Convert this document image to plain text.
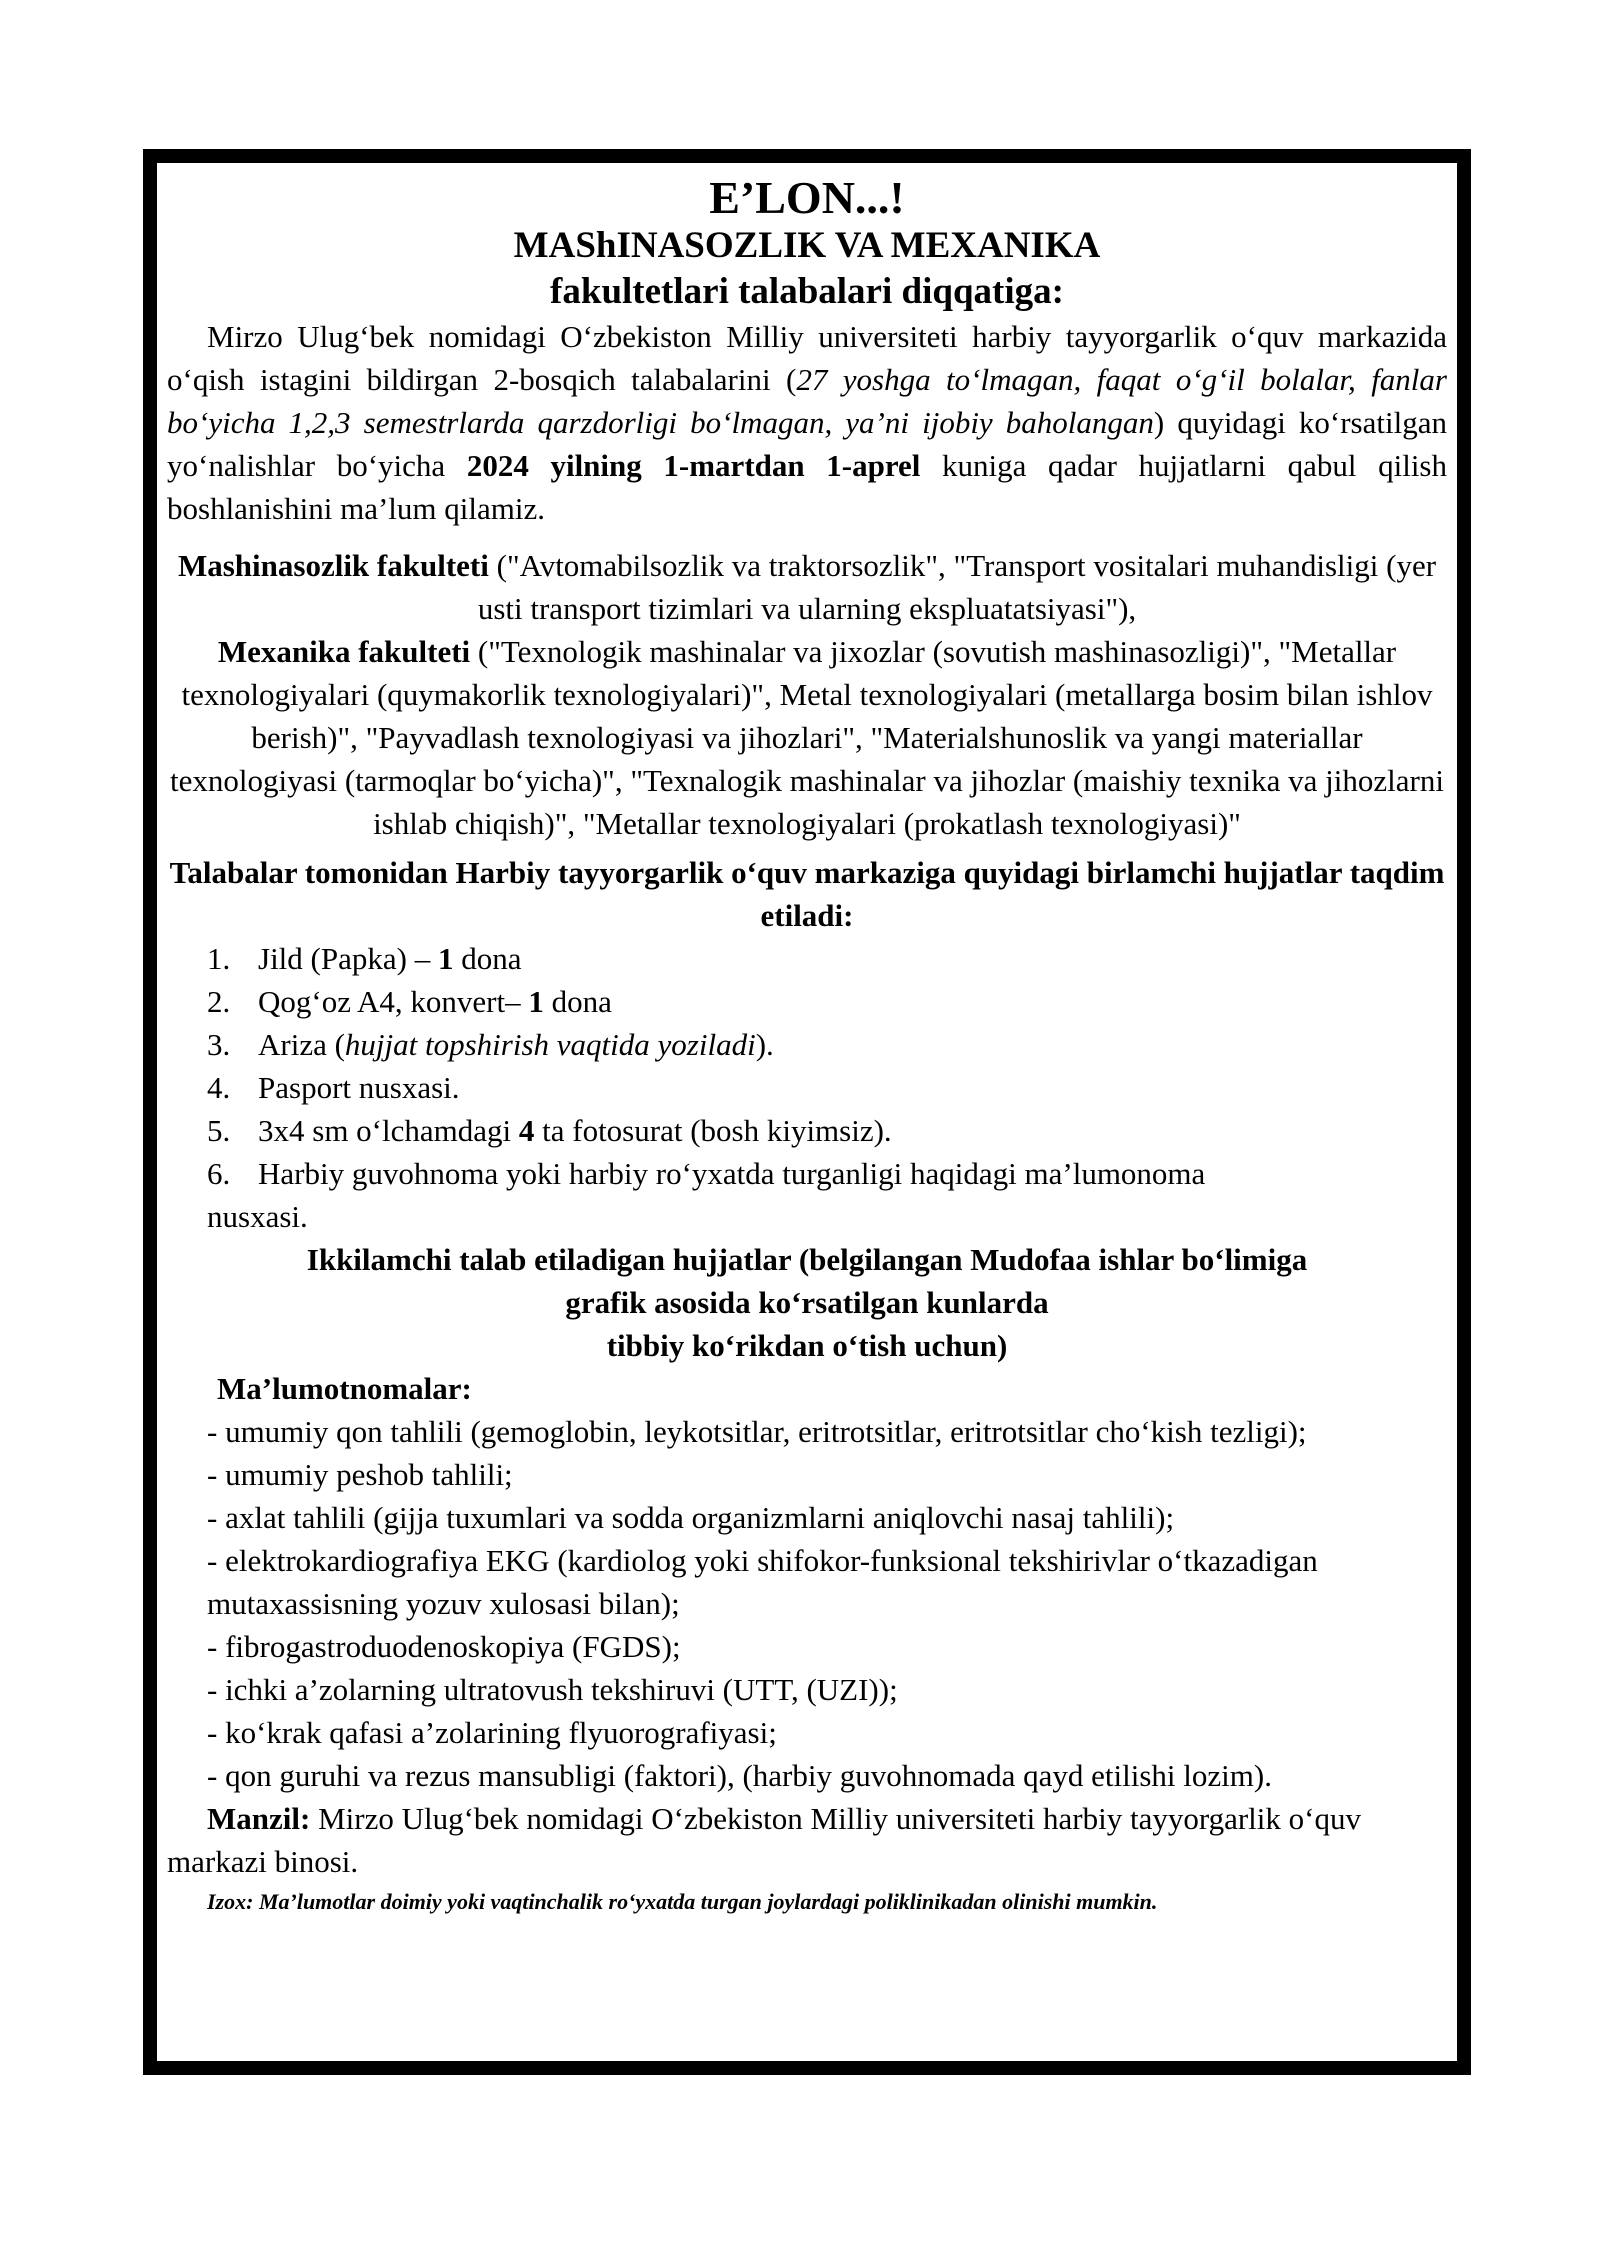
E’LON...!
MAShINASOZLIK VA MEXANIKA
fakultetlari talabalari diqqatiga:

Mirzo Ulug‘bek nomidagi O‘zbekiston Milliy universiteti harbiy tayyorgarlik o‘quv markazida o‘qish istagini bildirgan 2-bosqich talabalarini (27 yoshga to‘lmagan, faqat o‘g‘il bolalar, fanlar bo‘yicha 1,2,3 semestrlarda qarzdorligi bo‘lmagan, ya’ni ijobiy baholangan) quyidagi ko‘rsatilgan yo‘nalishlar bo‘yicha 2024 yilning 1-martdan 1-aprel kuniga qadar hujjatlarni qabul qilish boshlanishini ma’lum qilamiz.

Mashinasozlik fakulteti ("Avtomabilsozlik va traktorsozlik", "Transport vositalari muhandisligi (yer usti transport tizimlari va ularning ekspluatatsiyasi"),
Mexanika fakulteti ("Texnologik mashinalar va jixozlar (sovutish mashinasozligi)", "Metallar texnologiyalari (quymakorlik texnologiyalari)", Metal texnologiyalari (metallarga bosim bilan ishlov berish)", "Payvadlash texnologiyasi va jihozlari", "Materialshunoslik va yangi materiallar texnologiyasi (tarmoqlar bo‘yicha)", "Texnalogik mashinalar va jihozlar (maishiy texnika va jihozlarni ishlab chiqish)", "Metallar texnologiyalari (prokatlash texnologiyasi)"

Talabalar tomonidan Harbiy tayyorgarlik o‘quv markaziga quyidagi birlamchi hujjatlar taqdim etiladi:
1. Jild (Papka) – 1 dona
2. Qog‘oz A4, konvert– 1 dona
3. Ariza (hujjat topshirish vaqtida yoziladi).
4. Pasport nusxasi.
5. 3x4 sm o‘lchamdagi 4 ta fotosurat (bosh kiyimsiz).
6. Harbiy guvohnoma yoki harbiy ro‘yxatda turganligi haqidagi ma’lumonoma
nusxasi.
Ikkilamchi talab etiladigan hujjatlar (belgilangan Mudofaa ishlar bo‘limiga
grafik asosida ko‘rsatilgan kunlarda
tibbiy ko‘rikdan o‘tish uchun)
Ma’lumotnomalar:
- umumiy qon tahlili (gemoglobin, leykotsitlar, eritrotsitlar, eritrotsitlar cho‘kish tezligi);
- umumiy peshob tahlili;
- axlat tahlili (gijja tuxumlari va sodda organizmlarni aniqlovchi nasaj tahlili);
- elektrokardiografiya EKG (kardiolog yoki shifokor-funksional tekshirivlar o‘tkazadigan mutaxassisning yozuv xulosasi bilan);
- fibrogastroduodenoskopiya (FGDS);
- ichki a’zolarning ultratovush tekshiruvi (UTT, (UZI));
- ko‘krak qafasi a’zolarining flyuorografiyasi;
- qon guruhi va rezus mansubligi (faktori), (harbiy guvohnomada qayd etilishi lozim).

Manzil: Mirzo Ulug‘bek nomidagi O‘zbekiston Milliy universiteti harbiy tayyorgarlik o‘quv markazi binosi.

Izox: Ma’lumotlar doimiy yoki vaqtinchalik ro‘yxatda turgan joylardagi poliklinikadan olinishi mumkin.
